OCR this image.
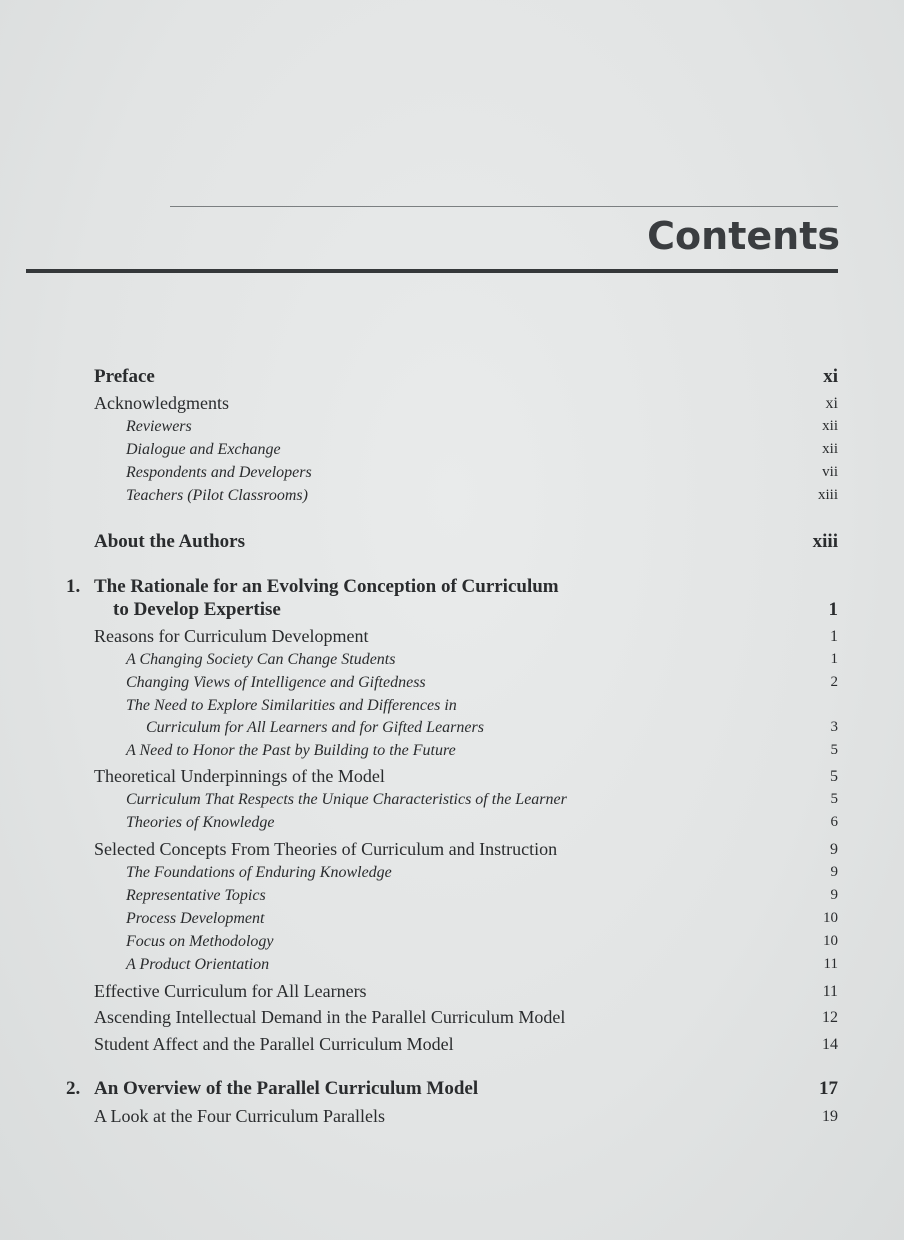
Contents
Preface	xi
Acknowledgments	xi
Reviewers	xii
Dialogue and Exchange	xii
Respondents and Developers	vii
Teachers (Pilot Classrooms)	xiii
About the Authors	xiii
1. The Rationale for an Evolving Conception of Curriculum
to Develop Expertise	1
Reasons for Curriculum Development	1
A Changing Society Can Change Students	1
Changing Views of Intelligence and Giftedness	2
The Need to Explore Similarities and Differences in
Curriculum for All Learners and for Gifted Learners	3
A Need to Honor the Past by Building to the Future	5
Theoretical Underpinnings of the Model	5
Curriculum That Respects the Unique Characteristics of the Learner	5
Theories of Knowledge	6
Selected Concepts From Theories of Curriculum and Instruction	9
The Foundations of Enduring Knowledge	9
Representative Topics	9
Process Development	10
Focus on Methodology	10
A Product Orientation	11
Effective Curriculum for All Learners	11
Ascending Intellectual Demand in the Parallel Curriculum Model	12
Student Affect and the Parallel Curriculum Model	14
2. An Overview of the Parallel Curriculum Model	17
A Look at the Four Curriculum Parallels	19
